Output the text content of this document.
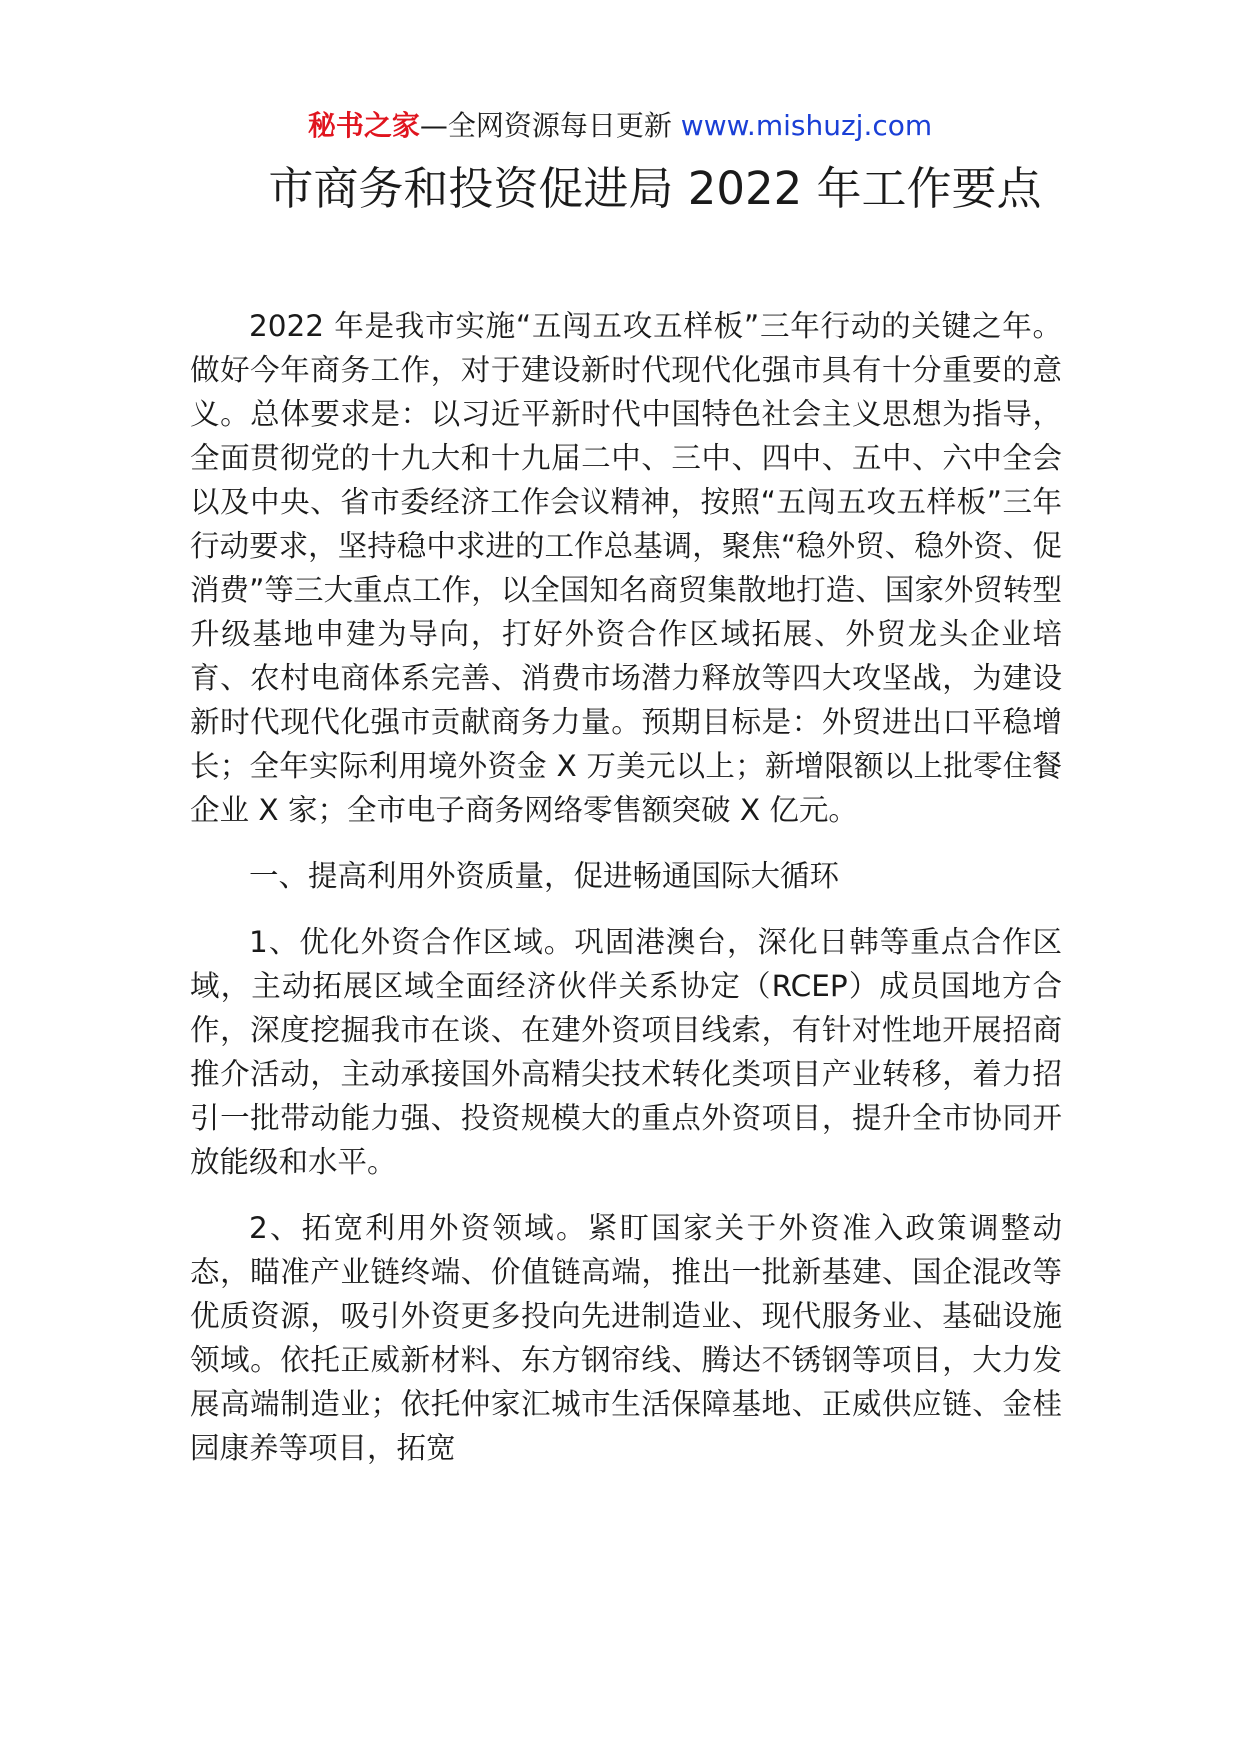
秘书之家—全网资源每日更新 www.mishuzj.com
市商务和投资促进局 2022 年工作要点

2022 年是我市实施“五闯五攻五样板”三年行动的关键之年。做好今年商务工作，对于建设新时代现代化强市具有十分重要的意义。总体要求是：以习近平新时代中国特色社会主义思想为指导，全面贯彻党的十九大和十九届二中、三中、四中、五中、六中全会以及中央、省市委经济工作会议精神，按照“五闯五攻五样板”三年行动要求，坚持稳中求进的工作总基调，聚焦“稳外贸、稳外资、促消费”等三大重点工作，以全国知名商贸集散地打造、国家外贸转型升级基地申建为导向，打好外资合作区域拓展、外贸龙头企业培育、农村电商体系完善、消费市场潜力释放等四大攻坚战，为建设新时代现代化强市贡献商务力量。预期目标是：外贸进出口平稳增长；全年实际利用境外资金 X 万美元以上；新增限额以上批零住餐企业 X 家；全市电子商务网络零售额突破 X 亿元。

一、提高利用外资质量，促进畅通国际大循环

1、优化外资合作区域。巩固港澳台，深化日韩等重点合作区域，主动拓展区域全面经济伙伴关系协定（RCEP）成员国地方合作，深度挖掘我市在谈、在建外资项目线索，有针对性地开展招商推介活动，主动承接国外高精尖技术转化类项目产业转移，着力招引一批带动能力强、投资规模大的重点外资项目，提升全市协同开放能级和水平。

2、拓宽利用外资领域。紧盯国家关于外资准入政策调整动态，瞄准产业链终端、价值链高端，推出一批新基建、国企混改等优质资源，吸引外资更多投向先进制造业、现代服务业、基础设施领域。依托正威新材料、东方钢帘线、腾达不锈钢等项目，大力发展高端制造业；依托仲家汇城市生活保障基地、正威供应链、金桂园康养等项目，拓宽
